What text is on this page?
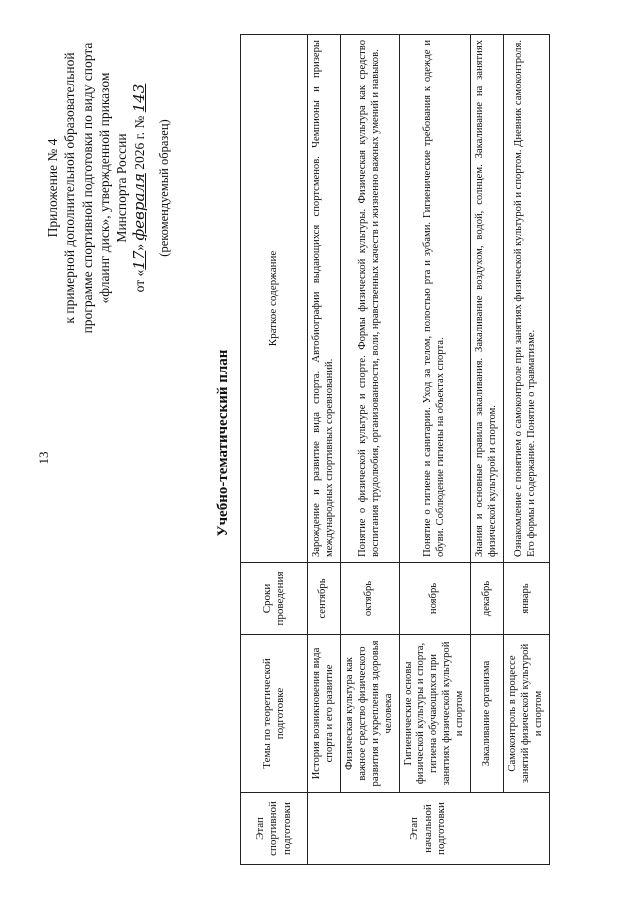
13
Приложение № 4 к примерной дополнительной образовательной программе спортивной подготовки по виду спорта «флаинг диск», утвержденной приказом Минспорта России
от «17» февраля 2026 г. № 143
(рекомендуемый образец)
Учебно-тематический план
Этап спортивной подготовки	Темы по теоретической подготовке	Сроки проведения	Краткое содержание
Этап начальной подготовки	История возникновения вида спорта и его развитие	сентябрь	Зарождение и развитие вида спорта. Автобиографии выдающихся спортсменов. Чемпионы и призеры международных спортивных соревнований.
	Физическая культура как важное средство физического развития и укрепления здоровья человека	октябрь	Понятие о физической культуре и спорте. Формы физической культуры. Физическая культура как средство воспитания трудолюбия, организованности, воли, нравственных качеств и жизненно важных умений и навыков.
	Гигиенические основы физической культуры и спорта, гигиена обучающихся при занятиях физической культурой и спортом	ноябрь	Понятие о гигиене и санитарии. Уход за телом, полостью рта и зубами. Гигиенические требования к одежде и обуви. Соблюдение гигиены на объектах спорта.
	Закаливание организма	декабрь	Знания и основные правила закаливания. Закаливание воздухом, водой, солнцем. Закаливание на занятиях физической культурой и спортом.
	Самоконтроль в процессе занятий физической культурой и спортом	январь	Ознакомление с понятием о самоконтроле при занятиях физической культурой и спортом. Дневник самоконтроля. Его формы и содержание. Понятие о травматизме.
